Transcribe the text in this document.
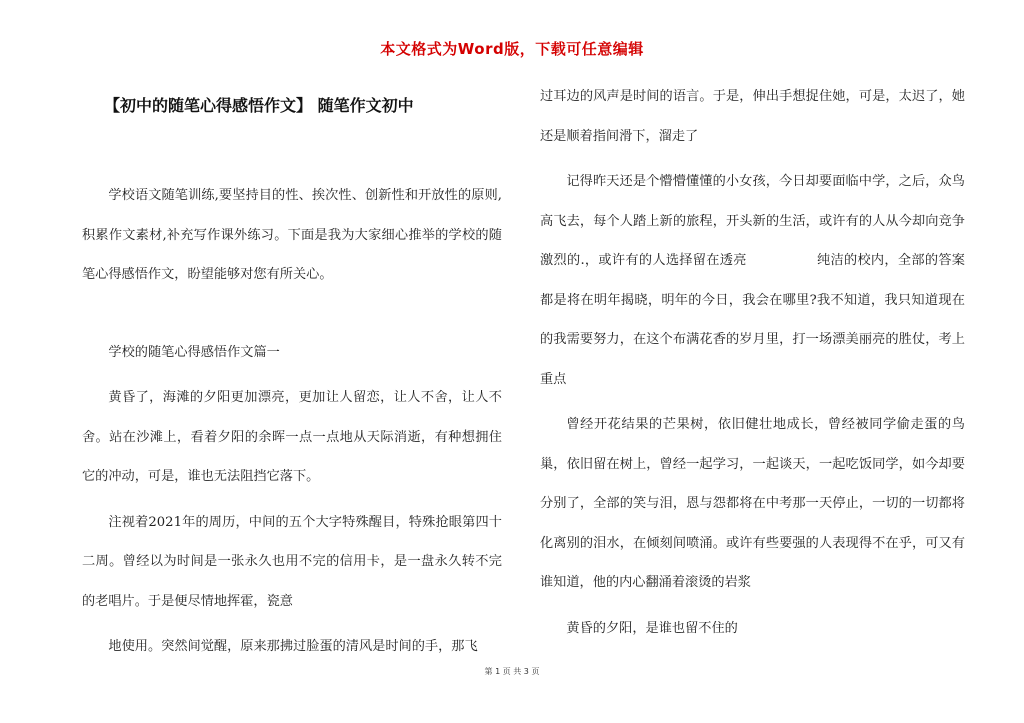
本文格式为Word版，下载可任意编辑
【初中的随笔心得感悟作文】 随笔作文初中

学校语文随笔训练,要坚持目的性、挨次性、创新性和开放性的原则,积累作文素材,补充写作课外练习。下面是我为大家细心推举的学校的随笔心得感悟作文，盼望能够对您有所关心。

学校的随笔心得感悟作文篇一

黄昏了，海滩的夕阳更加漂亮，更加让人留恋，让人不舍，让人不舍。站在沙滩上，看着夕阳的余晖一点一点地从天际消逝，有种想拥住它的冲动，可是，谁也无法阻挡它落下。

注视着2021年的周历，中间的五个大字特殊醒目，特殊抢眼第四十二周。曾经以为时间是一张永久也用不完的信用卡，是一盘永久转不完的老唱片。于是便尽情地挥霍，瓷意

地使用。突然间觉醒，原来那拂过脸蛋的清风是时间的手，那飞

过耳边的风声是时间的语言。于是，伸出手想捉住她，可是，太迟了，她还是顺着指间滑下，溜走了

记得昨天还是个懵懵懂懂的小女孩，今日却要面临中学，之后，众鸟高飞去，每个人踏上新的旅程，开头新的生活，或许有的人从今却向竞争激烈的.，或许有的人选择留在透亮	纯洁的校内，全部的答案都是将在明年揭晓，明年的今日，我会在哪里?我不知道，我只知道现在的我需要努力，在这个布满花香的岁月里，打一场漂美丽亮的胜仗，考上重点

曾经开花结果的芒果树，依旧健壮地成长，曾经被同学偷走蛋的鸟巢，依旧留在树上，曾经一起学习，一起谈天，一起吃饭同学，如今却要分别了，全部的笑与泪，恩与怨都将在中考那一天停止，一切的一切都将化离别的泪水，在倾刻间喷涌。或许有些要强的人表现得不在乎，可又有谁知道，他的内心翻涌着滚烫的岩浆

黄昏的夕阳，是谁也留不住的

第 1 页 共 3 页
